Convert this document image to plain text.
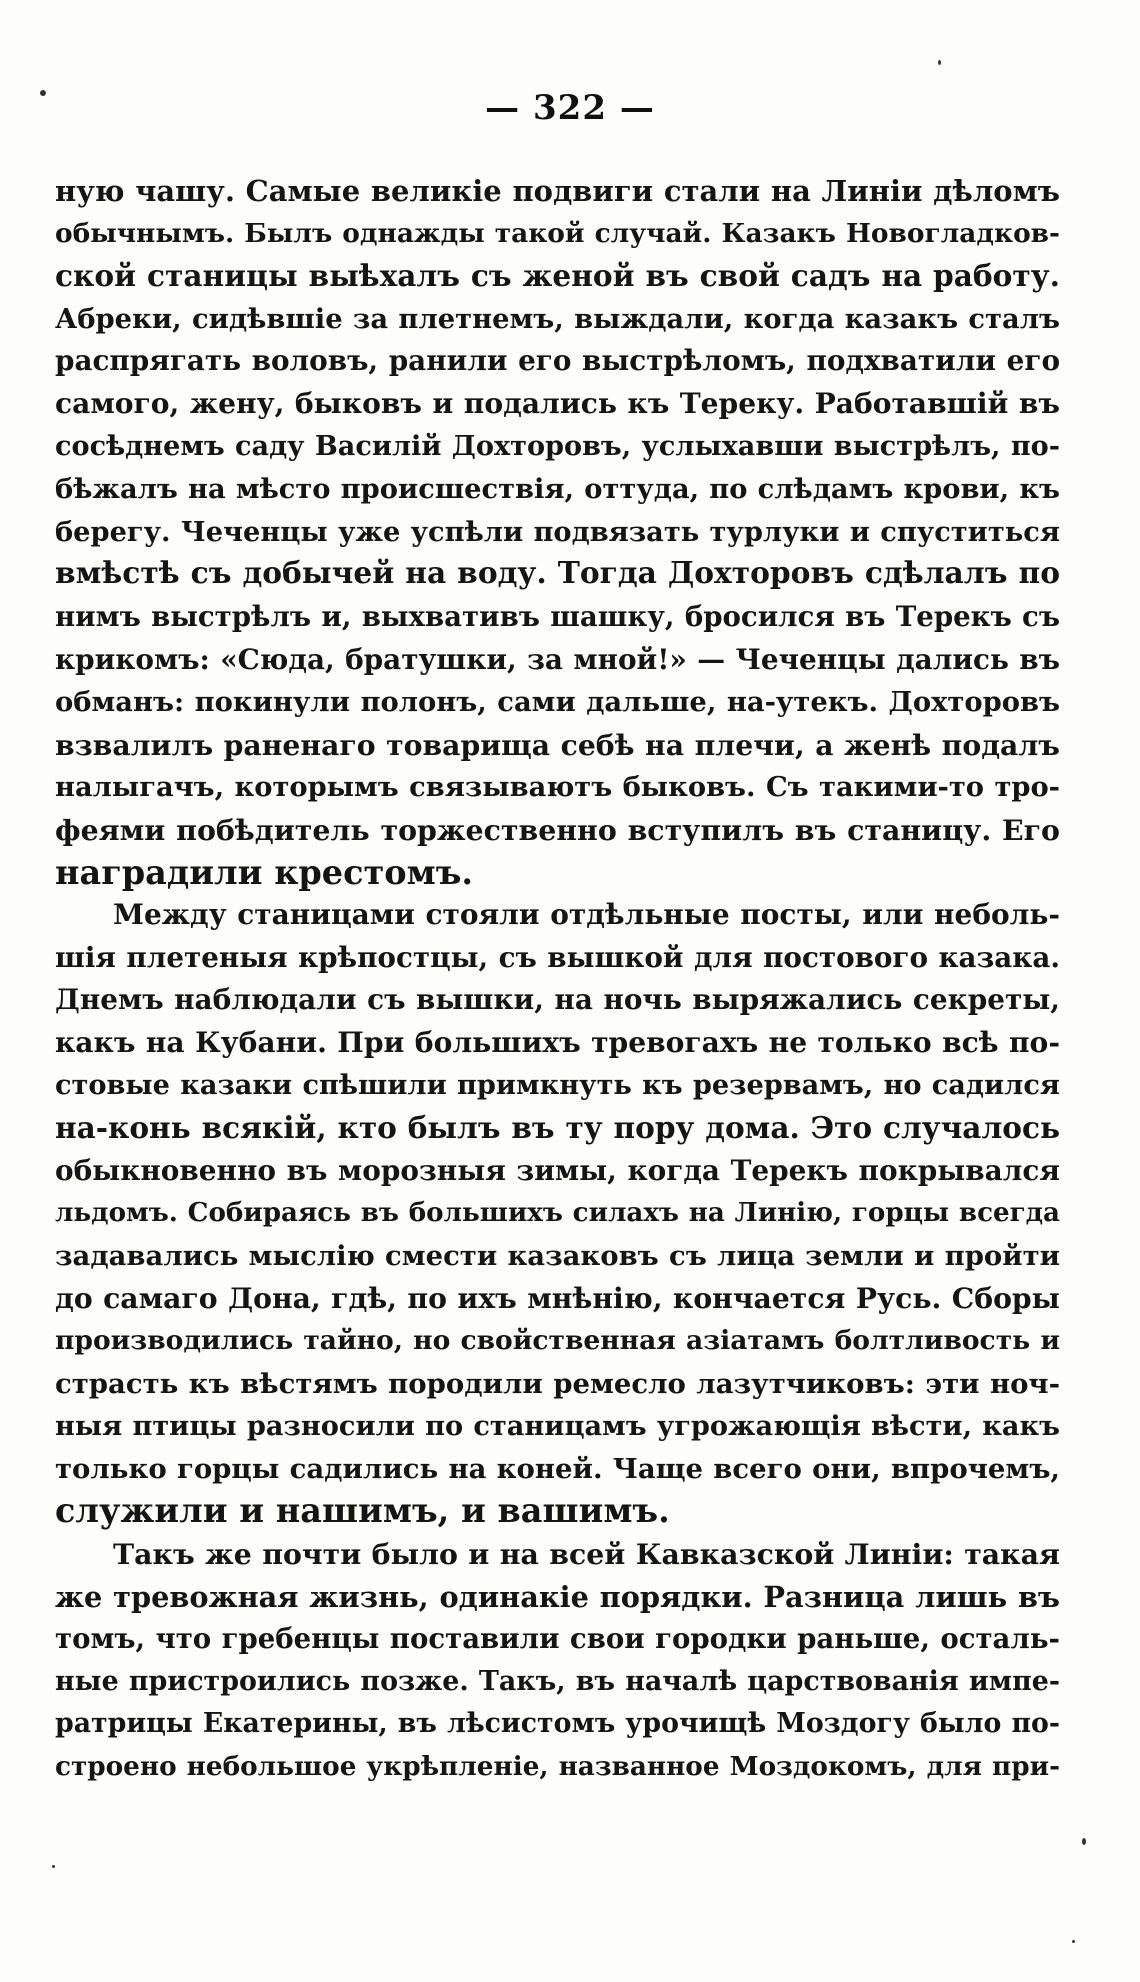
— 322 —
ную чашу. Самые великіе подвиги стали на Линіи дѣломъ
обычнымъ. Былъ однажды такой случай. Казакъ Новогладков-
ской станицы выѣхалъ съ женой въ свой садъ на работу.
Абреки, сидѣвшіе за плетнемъ, выждали, когда казакъ сталъ
распрягать воловъ, ранили его выстрѣломъ, подхватили его
самого, жену, быковъ и подались къ Тереку. Работавшій въ
сосѣднемъ саду Василій Дохторовъ, услыхавши выстрѣлъ, по-
бѣжалъ на мѣсто происшествія, оттуда, по слѣдамъ крови, къ
берегу. Чеченцы уже успѣли подвязать турлуки и спуститься
вмѣстѣ съ добычей на воду. Тогда Дохторовъ сдѣлалъ по
нимъ выстрѣлъ и, выхвативъ шашку, бросился въ Терекъ съ
крикомъ: «Сюда, братушки, за мной!» — Чеченцы дались въ
обманъ: покинули полонъ, сами дальше, на-утекъ. Дохторовъ
взвалилъ раненаго товарища себѣ на плечи, а женѣ подалъ
налыгачъ, которымъ связываютъ быковъ. Съ такими-то тро-
феями побѣдитель торжественно вступилъ въ станицу. Его
наградили крестомъ.
Между станицами стояли отдѣльные посты, или неболь-
шія плетеныя крѣпостцы, съ вышкой для постового казака.
Днемъ наблюдали съ вышки, на ночь выряжались секреты,
какъ на Кубани. При большихъ тревогахъ не только всѣ по-
стовые казаки спѣшили примкнуть къ резервамъ, но садился
на-конь всякій, кто былъ въ ту пору дома. Это случалось
обыкновенно въ морозныя зимы, когда Терекъ покрывался
льдомъ. Собираясь въ большихъ силахъ на Линію, горцы всегда
задавались мыслію смести казаковъ съ лица земли и пройти
до самаго Дона, гдѣ, по ихъ мнѣнію, кончается Русь. Сборы
производились тайно, но свойственная азіатамъ болтливость и
страсть къ вѣстямъ породили ремесло лазутчиковъ: эти ноч-
ныя птицы разносили по станицамъ угрожающія вѣсти, какъ
только горцы садились на коней. Чаще всего они, впрочемъ,
служили и нашимъ, и вашимъ.
Такъ же почти было и на всей Кавказской Линіи: такая
же тревожная жизнь, одинакіе порядки. Разница лишь въ
томъ, что гребенцы поставили свои городки раньше, осталь-
ные пристроились позже. Такъ, въ началѣ царствованія импе-
ратрицы Екатерины, въ лѣсистомъ урочищѣ Моздогу было по-
строено небольшое укрѣпленіе, названное Моздокомъ, для при-
